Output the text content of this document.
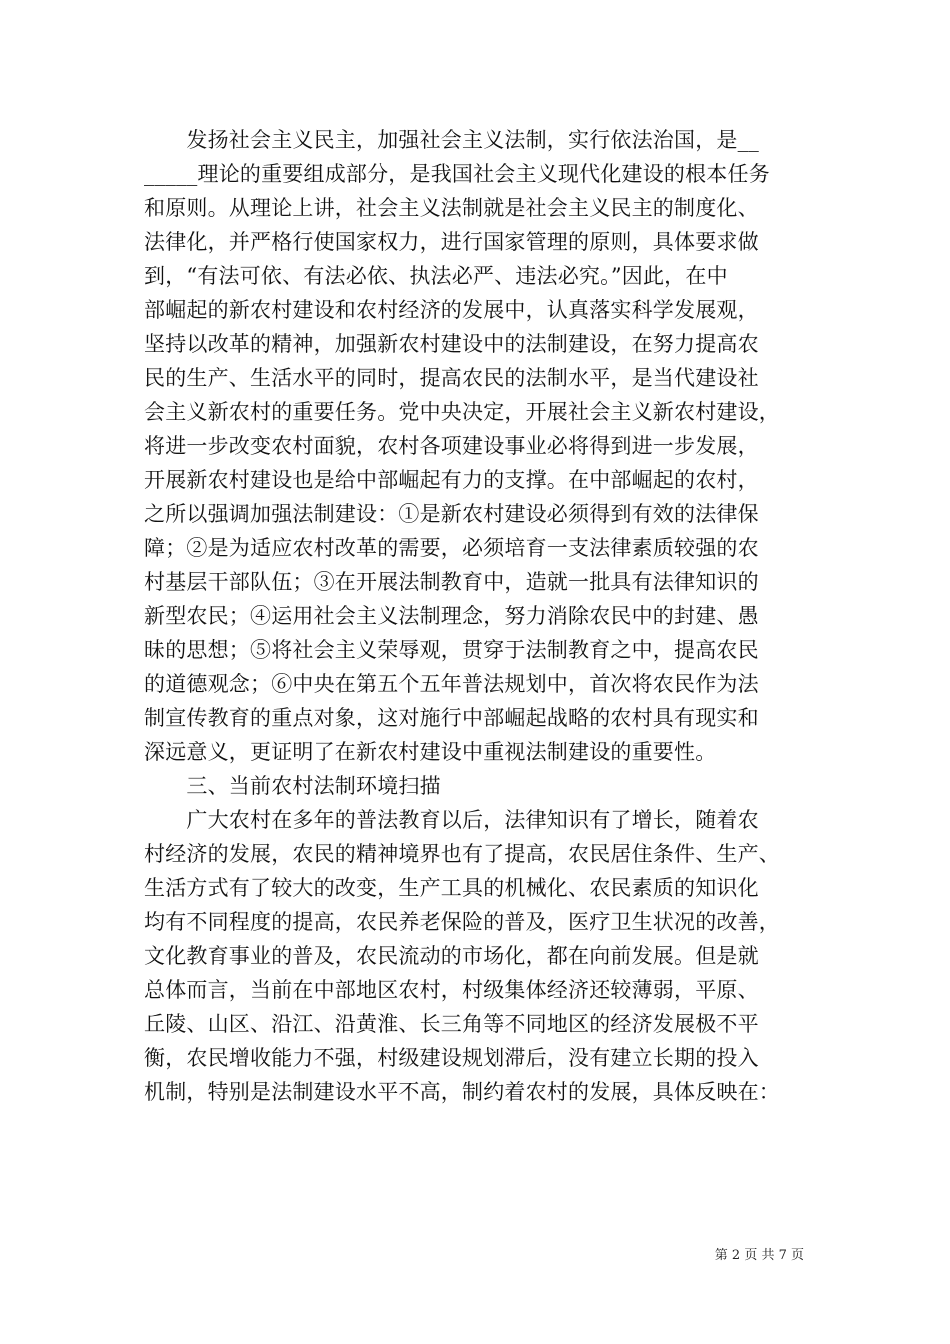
　　发扬社会主义民主，加强社会主义法制，实行依法治国，是__
_____理论的重要组成部分，是我国社会主义现代化建设的根本任务
和原则。从理论上讲，社会主义法制就是社会主义民主的制度化、
法律化，并严格行使国家权力，进行国家管理的原则，具体要求做
到，“有法可依、有法必依、执法必严、违法必究。”因此，在中
部崛起的新农村建设和农村经济的发展中，认真落实科学发展观，
坚持以改革的精神，加强新农村建设中的法制建设，在努力提高农
民的生产、生活水平的同时，提高农民的法制水平，是当代建设社
会主义新农村的重要任务。党中央决定，开展社会主义新农村建设，
将进一步改变农村面貌，农村各项建设事业必将得到进一步发展，
开展新农村建设也是给中部崛起有力的支撑。在中部崛起的农村，
之所以强调加强法制建设：①是新农村建设必须得到有效的法律保
障；②是为适应农村改革的需要，必须培育一支法律素质较强的农
村基层干部队伍；③在开展法制教育中，造就一批具有法律知识的
新型农民；④运用社会主义法制理念，努力消除农民中的封建、愚
昧的思想；⑤将社会主义荣辱观，贯穿于法制教育之中，提高农民
的道德观念；⑥中央在第五个五年普法规划中，首次将农民作为法
制宣传教育的重点对象，这对施行中部崛起战略的农村具有现实和
深远意义，更证明了在新农村建设中重视法制建设的重要性。
　　三、当前农村法制环境扫描
　　广大农村在多年的普法教育以后，法律知识有了增长，随着农
村经济的发展，农民的精神境界也有了提高，农民居住条件、生产、
生活方式有了较大的改变，生产工具的机械化、农民素质的知识化
均有不同程度的提高，农民养老保险的普及，医疗卫生状况的改善，
文化教育事业的普及，农民流动的市场化，都在向前发展。但是就
总体而言，当前在中部地区农村，村级集体经济还较薄弱，平原、
丘陵、山区、沿江、沿黄淮、长三角等不同地区的经济发展极不平
衡，农民增收能力不强，村级建设规划滞后，没有建立长期的投入
机制，特别是法制建设水平不高，制约着农村的发展，具体反映在：
第 2 页 共 7 页
